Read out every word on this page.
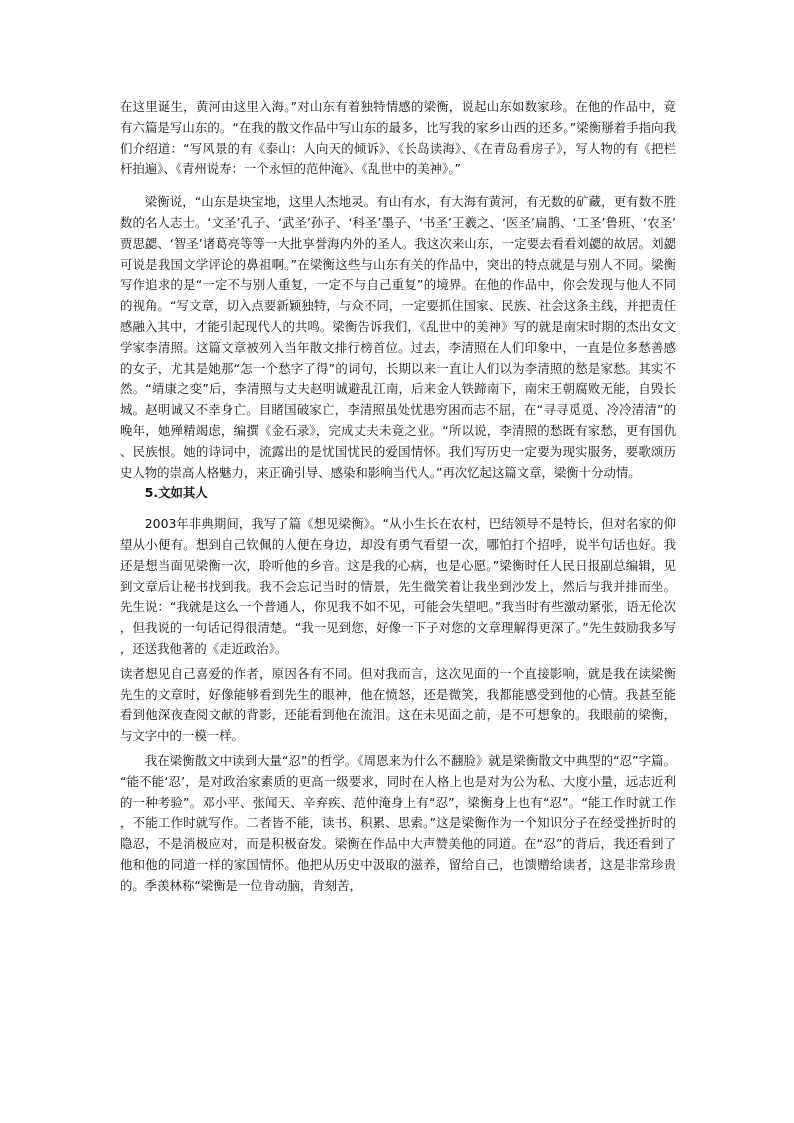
在这里诞生，黄河由这里入海。”对山东有着独特情感的梁衡，说起山东如数家珍。在他的作品中，竟有六篇是写山东的。“在我的散文作品中写山东的最多，比写我的家乡山西的还多。”梁衡掰着手指向我们介绍道：“写风景的有《泰山：人向天的倾诉》、《长岛读海》、《在青岛看房子》，写人物的有《把栏杆拍遍》、《青州说寿：一个永恒的范仲淹》、《乱世中的美神》。”

梁衡说，“山东是块宝地，这里人杰地灵。有山有水，有大海有黄河，有无数的矿藏，更有数不胜数的名人志士。‘文圣’孔子、‘武圣’孙子、‘科圣’墨子、‘书圣’王羲之、‘医圣’扁鹊、‘工圣’鲁班、‘农圣’贾思勰、‘智圣’诸葛亮等等一大批享誉海内外的圣人。我这次来山东，一定要去看看刘勰的故居。刘勰可说是我国文学评论的鼻祖啊。”在梁衡这些与山东有关的作品中，突出的特点就是与别人不同。梁衡写作追求的是“一定不与别人重复，一定不与自己重复”的境界。在他的作品中，你会发现与他人不同的视角。“写文章，切入点要新颖独特，与众不同，一定要抓住国家、民族、社会这条主线，并把责任感融入其中，才能引起现代人的共鸣。梁衡告诉我们，《乱世中的美神》写的就是南宋时期的杰出女文学家李清照。这篇文章被列入当年散文排行榜首位。过去，李清照在人们印象中，一直是位多愁善感的女子，尤其是她那“怎一个愁字了得”的词句，长期以来一直让人们以为李清照的愁是家愁。其实不然。“靖康之变”后，李清照与丈夫赵明诚避乱江南，后来金人铁蹄南下，南宋王朝腐败无能，自毁长城。赵明诚又不幸身亡。目睹国破家亡，李清照虽处忧患穷困而志不屈，在“寻寻觅觅、冷冷清清”的晚年，她殚精竭虑，编撰《金石录》，完成丈夫未竟之业。“所以说，李清照的愁既有家愁，更有国仇、民族恨。她的诗词中，流露出的是忧国忧民的爱国情怀。我们写历史一定要为现实服务，要歌颂历史人物的崇高人格魅力，来正确引导、感染和影响当代人。”再次忆起这篇文章，梁衡十分动情。

5.文如其人

2003年非典期间，我写了篇《想见梁衡》。“从小生长在农村，巴结领导不是特长，但对名家的仰望从小便有。想到自己钦佩的人便在身边，却没有勇气看望一次，哪怕打个招呼，说半句话也好。我还是想当面见梁衡一次，聆听他的乡音。这是我的心病，也是心愿。”梁衡时任人民日报副总编辑，见到文章后让秘书找到我。我不会忘记当时的情景，先生微笑着让我坐到沙发上，然后与我并排而坐。先生说：“我就是这么一个普通人，你见我不如不见，可能会失望吧。”我当时有些激动紧张，语无伦次，但我说的一句话记得很清楚。“我一见到您，好像一下子对您的文章理解得更深了。”先生鼓励我多写，还送我他著的《走近政治》。

读者想见自己喜爱的作者，原因各有不同。但对我而言，这次见面的一个直接影响，就是我在读梁衡先生的文章时，好像能够看到先生的眼神，他在愤怒，还是微笑，我都能感受到他的心情。我甚至能看到他深夜查阅文献的背影，还能看到他在流泪。这在未见面之前，是不可想象的。我眼前的梁衡，与文字中的一模一样。

我在梁衡散文中读到大量“忍”的哲学。《周恩来为什么不翻脸》就是梁衡散文中典型的“忍”字篇。“能不能‘忍’，是对政治家素质的更高一级要求，同时在人格上也是对为公为私、大度小量，远志近利的一种考验”。邓小平、张闻天、辛弃疾、范仲淹身上有“忍”，梁衡身上也有“忍”。“能工作时就工作，不能工作时就写作。二者皆不能，读书、积累、思索。”这是梁衡作为一个知识分子在经受挫折时的隐忍，不是消极应对，而是积极奋发。梁衡在作品中大声赞美他的同道。在“忍”的背后，我还看到了他和他的同道一样的家国情怀。他把从历史中汲取的滋养，留给自己，也馈赠给读者，这是非常珍贵的。季羡林称“梁衡是一位肯动脑，肯刻苦，
